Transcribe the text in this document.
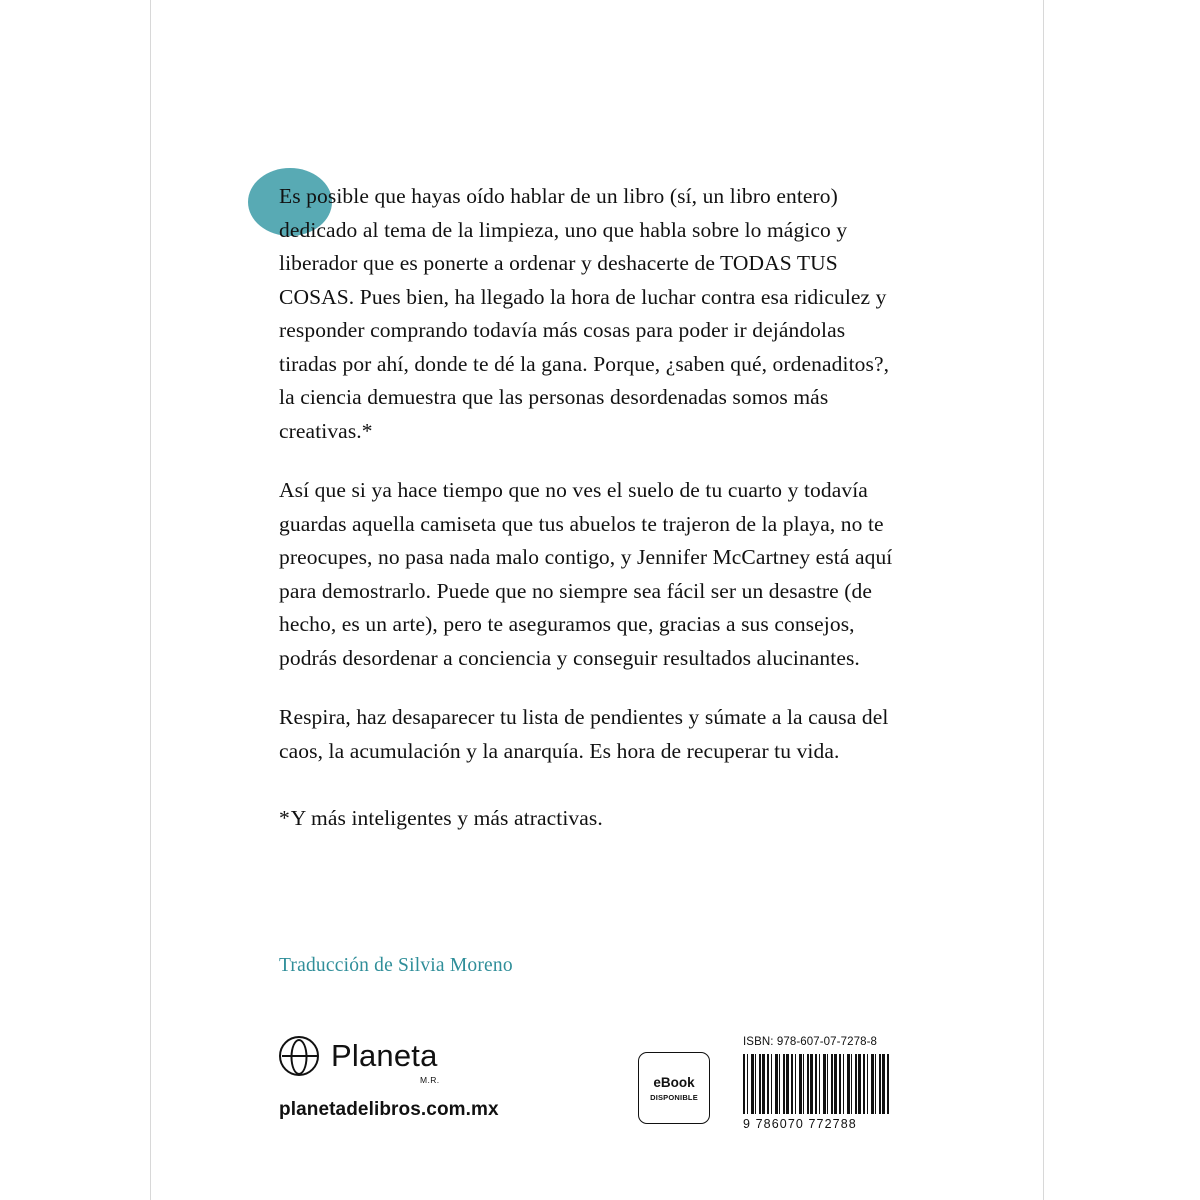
Es posible que hayas oído hablar de un libro (sí, un libro entero) dedicado al tema de la limpieza, uno que habla sobre lo mágico y liberador que es ponerte a ordenar y deshacerte de TODAS TUS COSAS. Pues bien, ha llegado la hora de luchar contra esa ridiculez y responder comprando todavía más cosas para poder ir dejándolas tiradas por ahí, donde te dé la gana. Porque, ¿saben qué, ordenaditos?, la ciencia demuestra que las personas desordenadas somos más creativas.*

Así que si ya hace tiempo que no ves el suelo de tu cuarto y todavía guardas aquella camiseta que tus abuelos te trajeron de la playa, no te preocupes, no pasa nada malo contigo, y Jennifer McCartney está aquí para demostrarlo. Puede que no siempre sea fácil ser un desastre (de hecho, es un arte), pero te aseguramos que, gracias a sus consejos, podrás desordenar a conciencia y conseguir resultados alucinantes.

Respira, haz desaparecer tu lista de pendientes y súmate a la causa del caos, la acumulación y la anarquía. Es hora de recuperar tu vida.

*Y más inteligentes y más atractivas.

Traducción de Silvia Moreno
Planeta
M.R.
planetadelibros.com.mx
eBook
DISPONIBLE
ISBN: 978-607-07-7278-8
9 786070 772788
